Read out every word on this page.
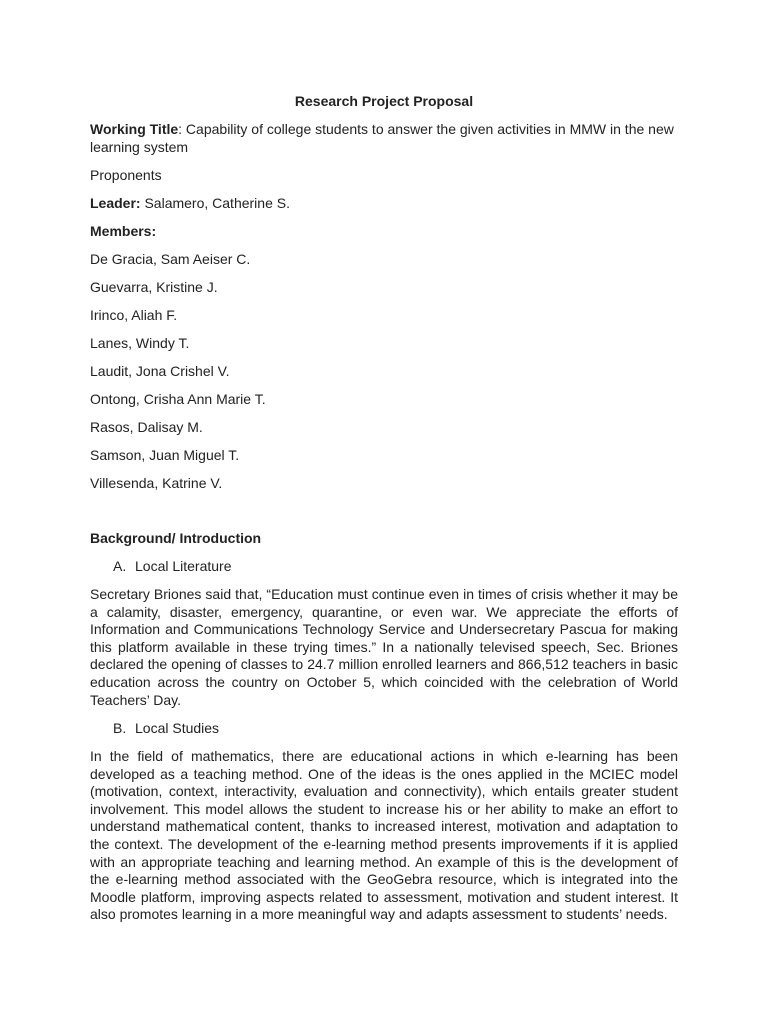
Research Project Proposal
Working Title: Capability of college students to answer the given activities in MMW in the new learning system
Proponents
Leader: Salamero, Catherine S.
Members:
De Gracia, Sam Aeiser C.
Guevarra, Kristine J.
Irinco, Aliah F.
Lanes, Windy T.
Laudit, Jona Crishel V.
Ontong, Crisha Ann Marie T.
Rasos, Dalisay M.
Samson, Juan Miguel T.
Villesenda, Katrine V.
Background/ Introduction
A. Local Literature
Secretary Briones said that, “Education must continue even in times of crisis whether it may be a calamity, disaster, emergency, quarantine, or even war. We appreciate the efforts of Information and Communications Technology Service and Undersecretary Pascua for making this platform available in these trying times.” In a nationally televised speech, Sec. Briones declared the opening of classes to 24.7 million enrolled learners and 866,512 teachers in basic education across the country on October 5, which coincided with the celebration of World Teachers’ Day.
B. Local Studies
In the field of mathematics, there are educational actions in which e-learning has been developed as a teaching method. One of the ideas is the ones applied in the MCIEC model (motivation, context, interactivity, evaluation and connectivity), which entails greater student involvement. This model allows the student to increase his or her ability to make an effort to understand mathematical content, thanks to increased interest, motivation and adaptation to the context. The development of the e-learning method presents improvements if it is applied with an appropriate teaching and learning method. An example of this is the development of the e-learning method associated with the GeoGebra resource, which is integrated into the Moodle platform, improving aspects related to assessment, motivation and student interest. It also promotes learning in a more meaningful way and adapts assessment to students’ needs.
